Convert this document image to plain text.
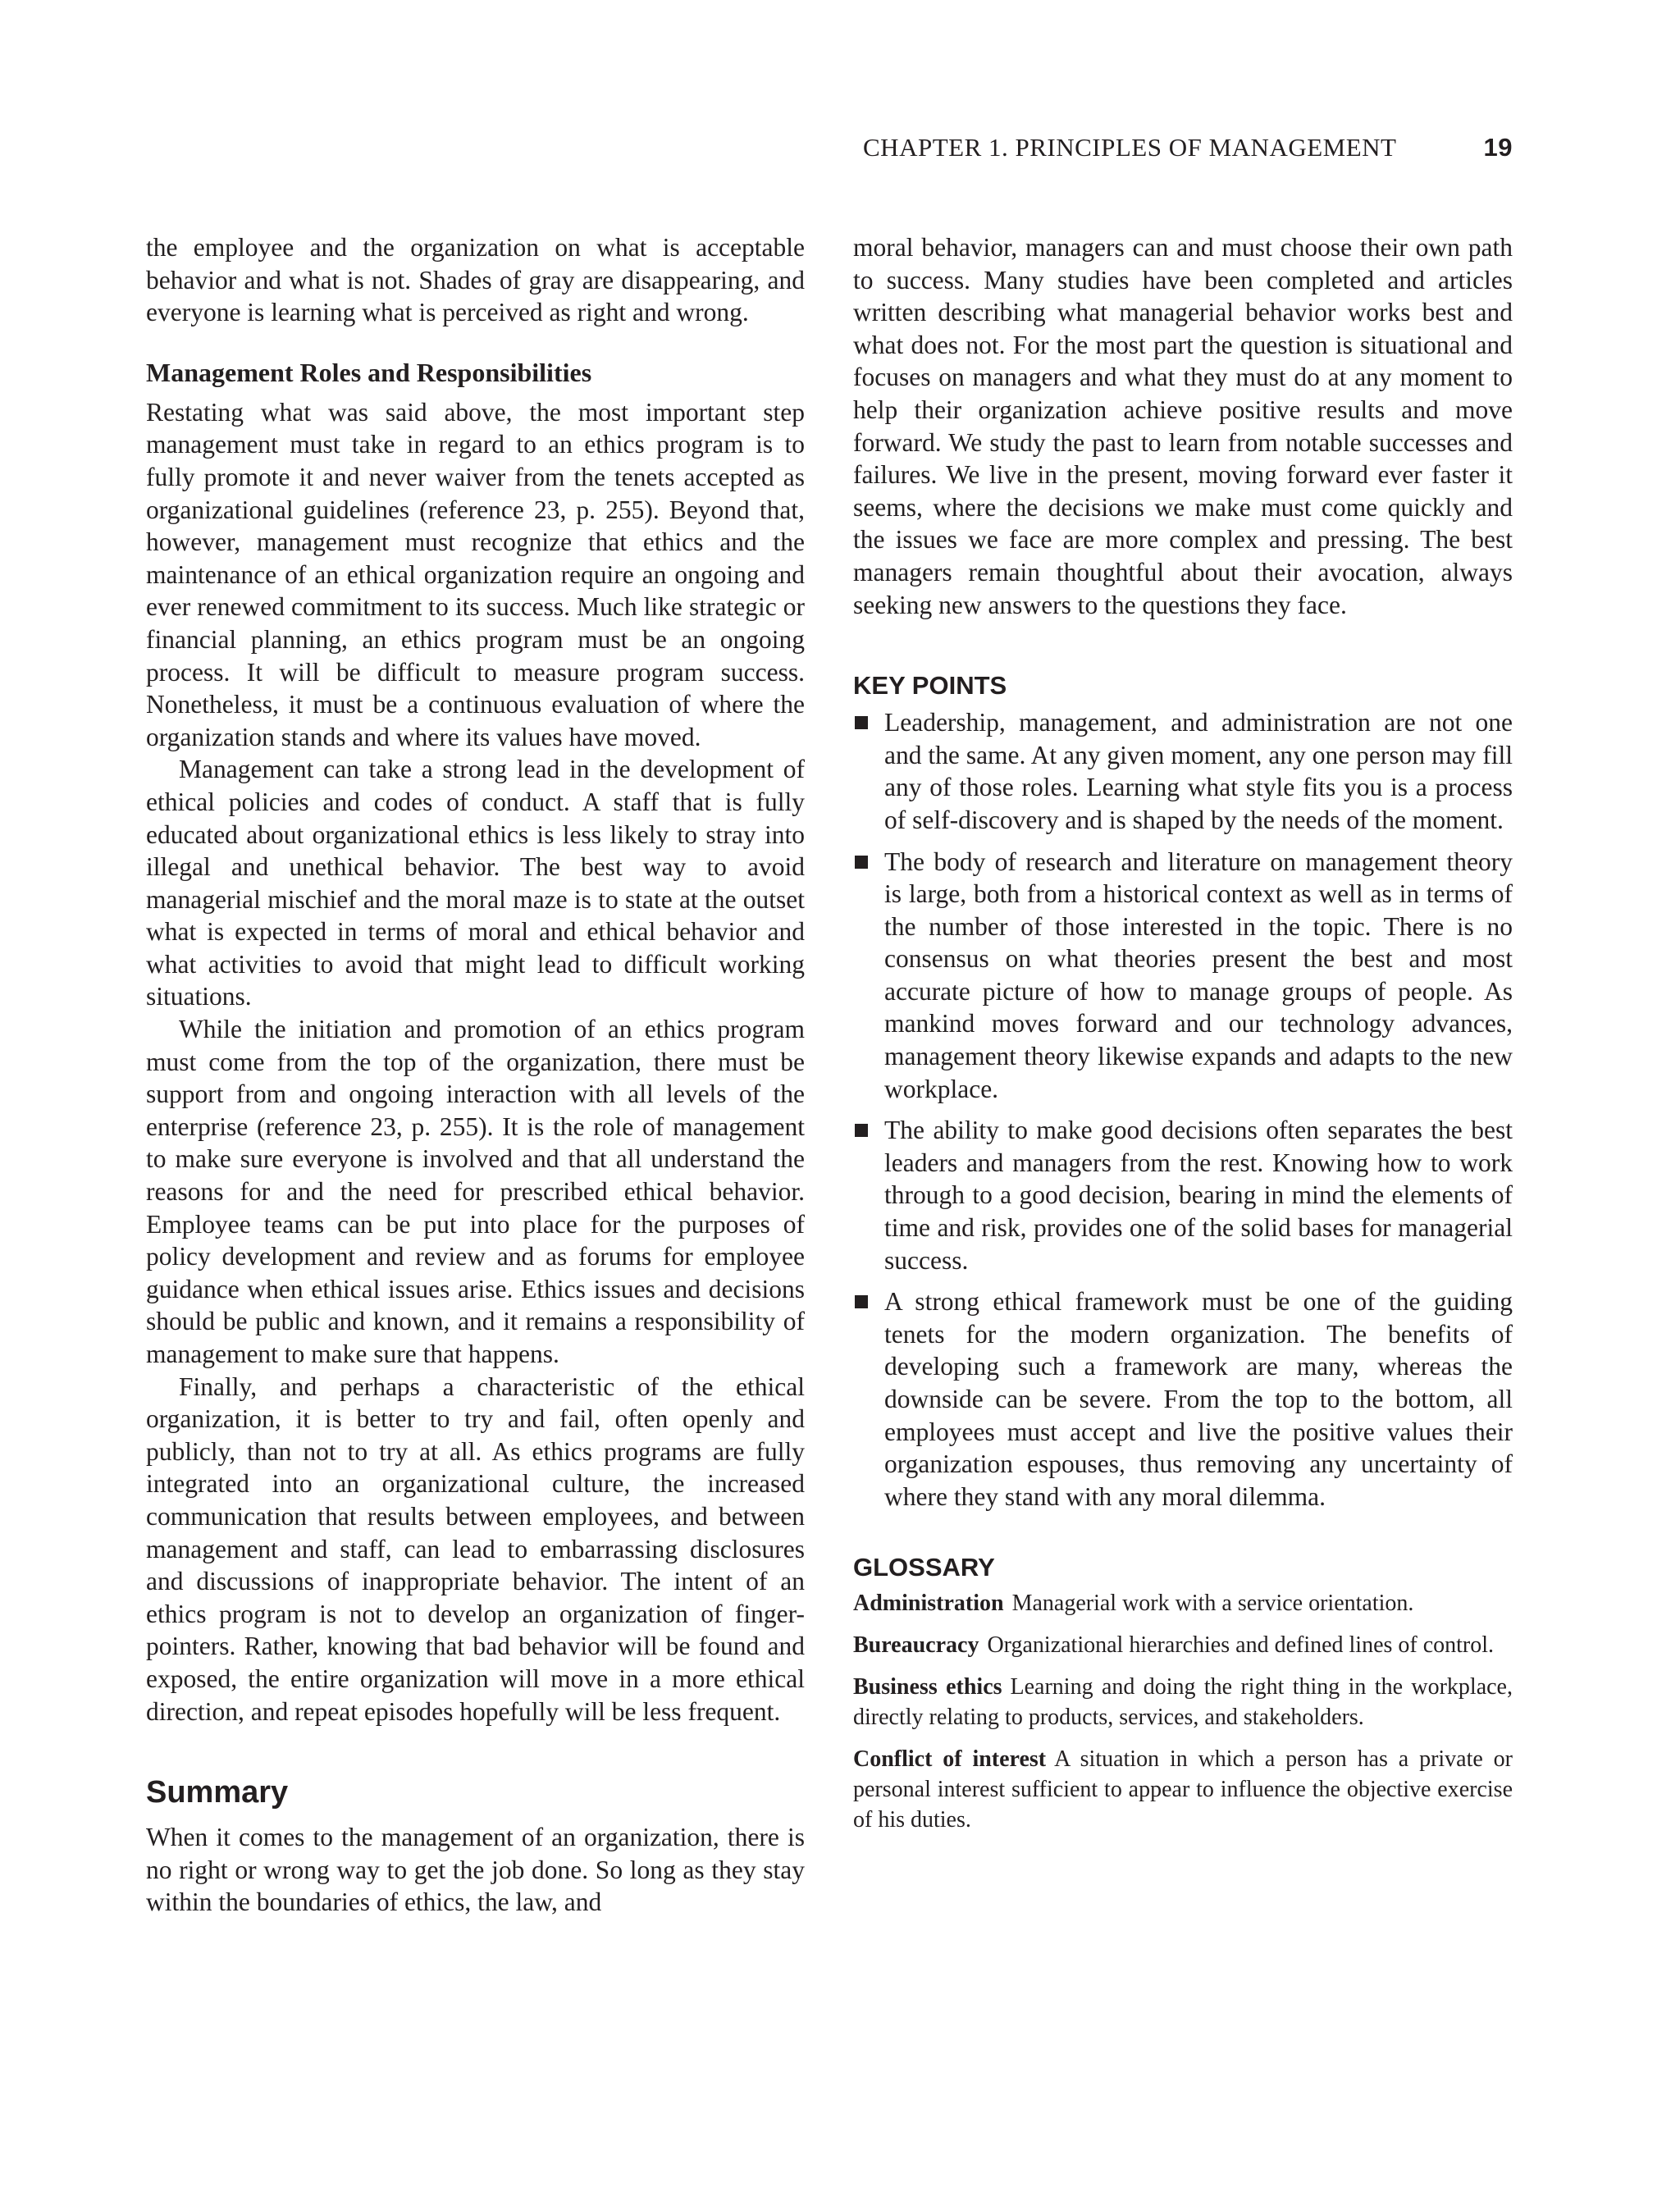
CHAPTER 1. PRINCIPLES OF MANAGEMENT	19

the employee and the organization on what is acceptable behavior and what is not. Shades of gray are disappearing, and everyone is learning what is perceived as right and wrong.

Management Roles and Responsibilities

Restating what was said above, the most important step management must take in regard to an ethics program is to fully promote it and never waiver from the tenets accepted as organizational guidelines (reference 23, p. 255). Beyond that, however, management must recognize that ethics and the maintenance of an ethical organization require an ongoing and ever renewed commitment to its success. Much like strategic or financial planning, an ethics program must be an ongoing process. It will be difficult to measure program success. Nonetheless, it must be a continuous evaluation of where the organization stands and where its values have moved.

Management can take a strong lead in the development of ethical policies and codes of conduct. A staff that is fully educated about organizational ethics is less likely to stray into illegal and unethical behavior. The best way to avoid managerial mischief and the moral maze is to state at the outset what is expected in terms of moral and ethical behavior and what activities to avoid that might lead to difficult working situations.

While the initiation and promotion of an ethics program must come from the top of the organization, there must be support from and ongoing interaction with all levels of the enterprise (reference 23, p. 255). It is the role of management to make sure everyone is involved and that all understand the reasons for and the need for prescribed ethical behavior. Employee teams can be put into place for the purposes of policy development and review and as forums for employee guidance when ethical issues arise. Ethics issues and decisions should be public and known, and it remains a responsibility of management to make sure that happens.

Finally, and perhaps a characteristic of the ethical organization, it is better to try and fail, often openly and publicly, than not to try at all. As ethics programs are fully integrated into an organizational culture, the increased communication that results between employees, and between management and staff, can lead to embarrassing disclosures and discussions of inappropriate behavior. The intent of an ethics program is not to develop an organization of finger-pointers. Rather, knowing that bad behavior will be found and exposed, the entire organization will move in a more ethical direction, and repeat episodes hopefully will be less frequent.

Summary

When it comes to the management of an organization, there is no right or wrong way to get the job done. So long as they stay within the boundaries of ethics, the law, and

moral behavior, managers can and must choose their own path to success. Many studies have been completed and articles written describing what managerial behavior works best and what does not. For the most part the question is situational and focuses on managers and what they must do at any moment to help their organization achieve positive results and move forward. We study the past to learn from notable successes and failures. We live in the present, moving forward ever faster it seems, where the decisions we make must come quickly and the issues we face are more complex and pressing. The best managers remain thoughtful about their avocation, always seeking new answers to the questions they face.

KEY POINTS

Leadership, management, and administration are not one and the same. At any given moment, any one person may fill any of those roles. Learning what style fits you is a process of self-discovery and is shaped by the needs of the moment.

The body of research and literature on management theory is large, both from a historical context as well as in terms of the number of those interested in the topic. There is no consensus on what theories present the best and most accurate picture of how to manage groups of people. As mankind moves forward and our technology advances, management theory likewise expands and adapts to the new workplace.

The ability to make good decisions often separates the best leaders and managers from the rest. Knowing how to work through to a good decision, bearing in mind the elements of time and risk, provides one of the solid bases for managerial success.

A strong ethical framework must be one of the guiding tenets for the modern organization. The benefits of developing such a framework are many, whereas the downside can be severe. From the top to the bottom, all employees must accept and live the positive values their organization espouses, thus removing any uncertainty of where they stand with any moral dilemma.

GLOSSARY

Administration Managerial work with a service orientation.

Bureaucracy Organizational hierarchies and defined lines of control.

Business ethics Learning and doing the right thing in the workplace, directly relating to products, services, and stakeholders.

Conflict of interest A situation in which a person has a private or personal interest sufficient to appear to influence the objective exercise of his duties.
